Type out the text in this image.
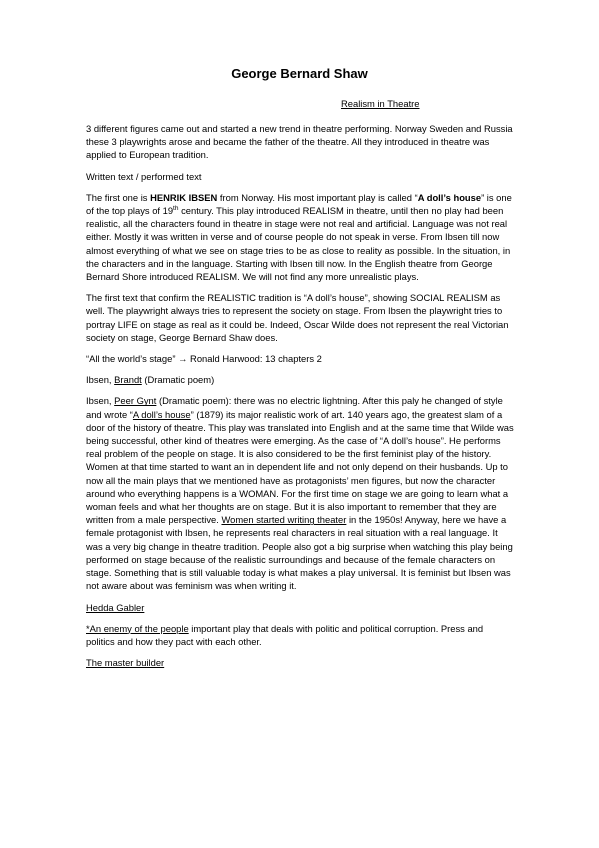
George Bernard Shaw
Realism in Theatre

3 different figures came out and started a new trend in theatre performing. Norway Sweden and Russia these 3 playwrights arose and became the father of the theatre. All they introduced in theatre was applied to European tradition.

Written text / performed text

The first one is HENRIK IBSEN from Norway. His most important play is called “A doll’s house” is one of the top plays of 19th century. This play introduced REALISM in theatre, until then no play had been realistic, all the characters found in theatre in stage were not real and artificial. Language was not real either. Mostly it was written in verse and of course people do not speak in verse. From Ibsen till now almost everything of what we see on stage tries to be as close to reality as possible. In the situation, in the characters and in the language. Starting with Ibsen till now. In the English theatre from George Bernard Shore introduced REALISM. We will not find any more unrealistic plays.

The first text that confirm the REALISTIC tradition is “A doll’s house”, showing SOCIAL REALISM as well. The playwright always tries to represent the society on stage. From Ibsen the playwright tries to portray LIFE on stage as real as it could be. Indeed, Oscar Wilde does not represent the real Victorian society on stage, George Bernard Shaw does.

“All the world’s stage” → Ronald Harwood: 13 chapters 2

Ibsen, Brandt (Dramatic poem)

Ibsen, Peer Gynt (Dramatic poem): there was no electric lightning. After this paly he changed of style and wrote “A doll’s house” (1879) its major realistic work of art. 140 years ago, the greatest slam of a door of the history of theatre. This play was translated into English and at the same time that Wilde was being successful, other kind of theatres were emerging. As the case of “A doll’s house”. He performs real problem of the people on stage. It is also considered to be the first feminist play of the history. Women at that time started to want an in dependent life and not only depend on their husbands. Up to now all the main plays that we mentioned have as protagonists’ men figures, but now the character around who everything happens is a WOMAN. For the first time on stage we are going to learn what a woman feels and what her thoughts are on stage. But it is also important to remember that they are written from a male perspective. Women started writing theater in the 1950s! Anyway, here we have a female protagonist with Ibsen, he represents real characters in real situation with a real language. It was a very big change in theatre tradition. People also got a big surprise when watching this play being performed on stage because of the realistic surroundings and because of the female characters on stage. Something that is still valuable today is what makes a play universal. It is feminist but Ibsen was not aware about was feminism was when writing it.

Hedda Gabler

*An enemy of the people important play that deals with politic and political corruption. Press and politics and how they pact with each other.

The master builder
